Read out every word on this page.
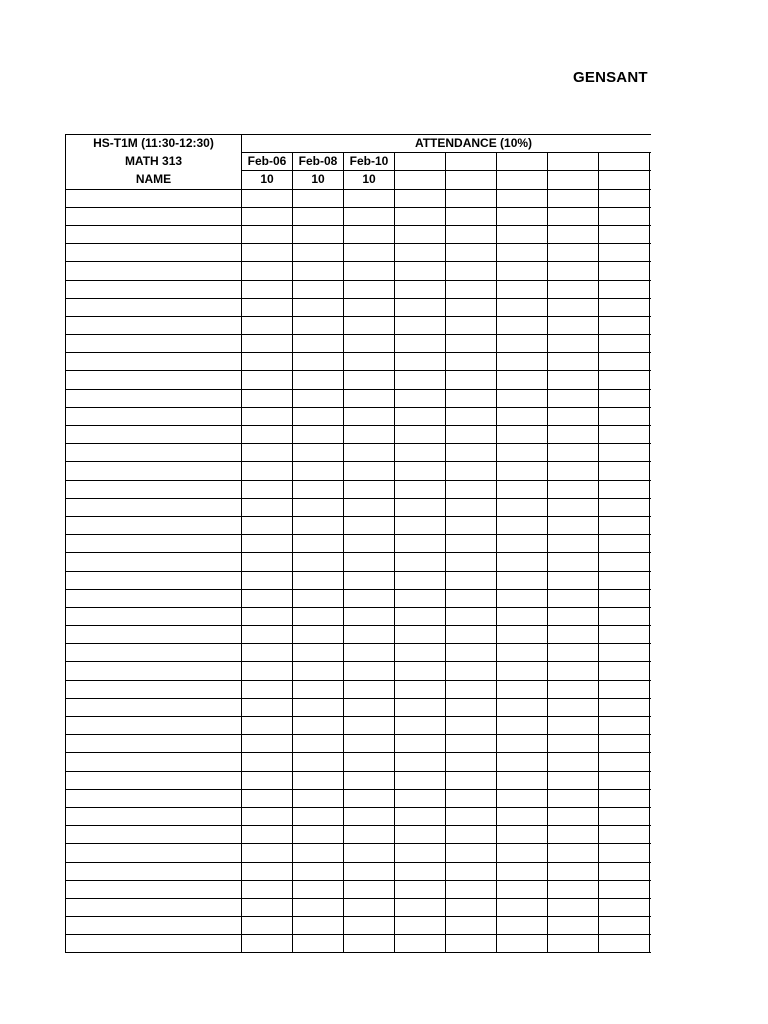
GENSANT
HS-T1M (11:30-12:30)	ATTENDANCE (10%)								
MATH 313	Feb-06	Feb-08	Feb-10						
NAME	10	10	10						
